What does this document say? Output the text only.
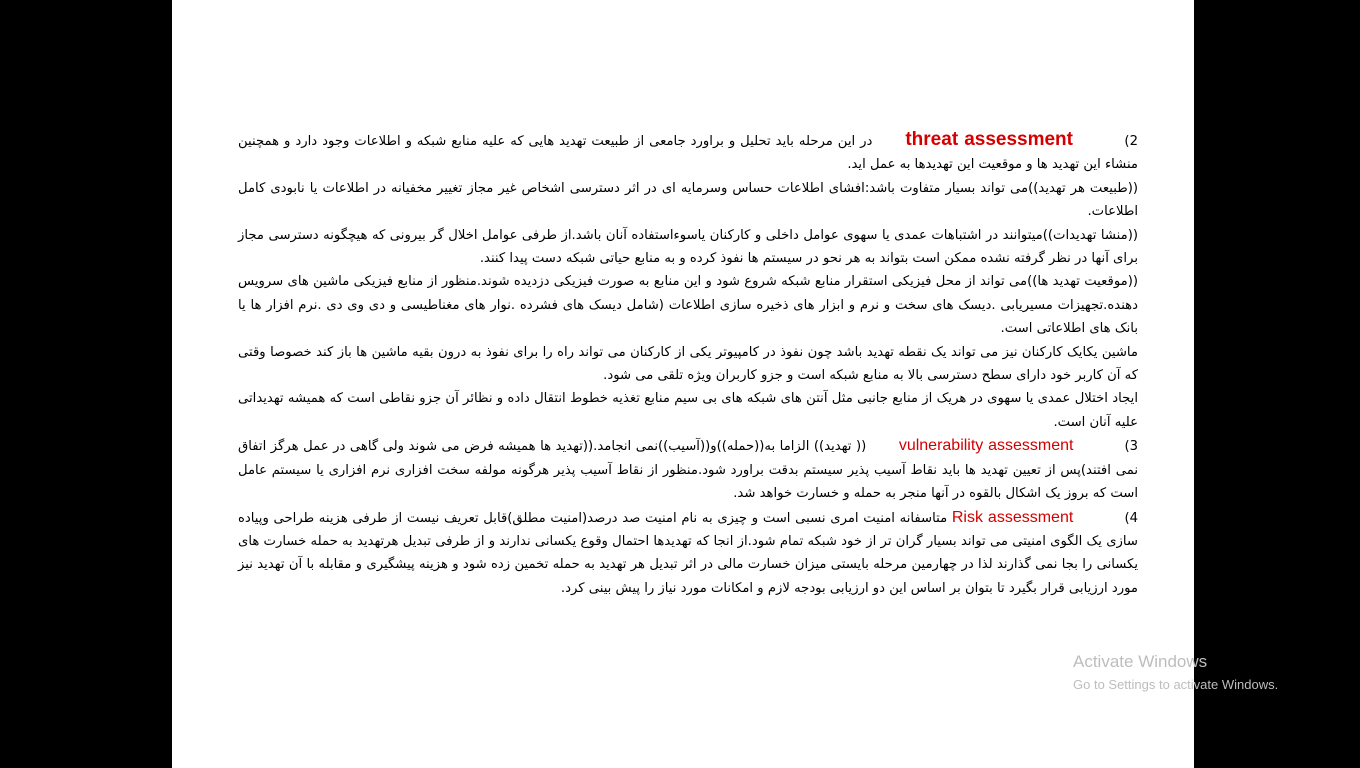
2) threat assessment در این مرحله باید تحلیل و براورد جامعی از طبیعت تهدید هایی که علیه منابع شبکه و اطلاعات وجود دارد و همچنین منشاء این تهدید ها و موقعیت این تهدیدها به عمل اید.

((طبیعت هر تهدید))می تواند بسیار متفاوت باشد:افشای اطلاعات حساس وسرمایه ای در اثر دسترسی اشخاص غیر مجاز تغییر مخفیانه در اطلاعات یا نابودی کامل اطلاعات.

((منشا تهدیدات))میتوانند در اشتباهات عمدی یا سهوی عوامل داخلی و کارکنان یاسوءاستفاده آنان باشد.از طرفی عوامل اخلال گر بیرونی که هیچگونه دسترسی مجاز برای آنها در نظر گرفته نشده ممکن است بتواند به هر نحو در سیستم ها نفوذ کرده و به منابع حیاتی شبکه دست پیدا کنند.

((موقعیت تهدید ها))می تواند از محل فیزیکی استقرار منابع شبکه شروع شود و این منابع به صورت فیزیکی دزدیده شوند.منظور از منابع فیزیکی ماشین های سرویس دهنده.تجهیزات مسیریابی .دیسک های سخت و نرم و ابزار های ذخیره سازی اطلاعات (شامل دیسک های فشرده .نوار های مغناطیسی و دی وی دی .نرم افزار ها یا بانک های اطلاعاتی است.

ماشین یکایک کارکنان نیز می تواند یک نقطه تهدید باشد چون نفوذ در کامپیوتر یکی از کارکنان می تواند راه را برای نفوذ به درون بقیه ماشین ها باز کند خصوصا وقتی که آن کاربر خود دارای سطح دسترسی بالا به منابع شبکه است و جزو کاربران ویژه تلقی می شود.

ایجاد اختلال عمدی یا سهوی در هریک از منابع جانبی مثل آنتن های شبکه های بی سیم منابع تغذیه خطوط انتقال داده و نظائر آن جزو نقاطی است که همیشه تهدیداتی علیه آنان است.

3) vulnerability assessment (( تهدید)) الزاما به((حمله))و((آسیب))نمی انجامد.((تهدید ها همیشه فرض می شوند ولی گاهی در عمل هرگز اتفاق نمی افتند)پس از تعیین تهدید ها باید نقاط آسیب پذیر سیستم بدقت براورد شود.منظور از نقاط آسیب پذیر هرگونه مولفه سخت افزاری نرم افزاری یا سیستم عامل است که بروز یک اشکال بالقوه در آنها منجر به حمله و خسارت خواهد شد.

4) Risk assessment متاسفانه امنیت امری نسبی است و چیزی به نام امنیت صد درصد(امنیت مطلق)قابل تعریف نیست از طرفی هزینه طراحی وپیاده سازی یک الگوی امنیتی می تواند بسیار گران تر از خود شبکه تمام شود.از انجا که تهدیدها احتمال وقوع یکسانی ندارند و از طرفی تبدیل هرتهدید به حمله خسارت های یکسانی را بجا نمی گذارند لذا در چهارمین مرحله بایستی میزان خسارت مالی در اثر تبدیل هر تهدید به حمله تخمین زده شود و هزینه پیشگیری و مقابله با آن تهدید نیز مورد ارزیابی قرار بگیرد تا بتوان بر اساس این دو ارزیابی بودجه لازم و امکانات مورد نیاز را پیش بینی کرد.

Activate Windows
Go to Settings to activate Windows.
